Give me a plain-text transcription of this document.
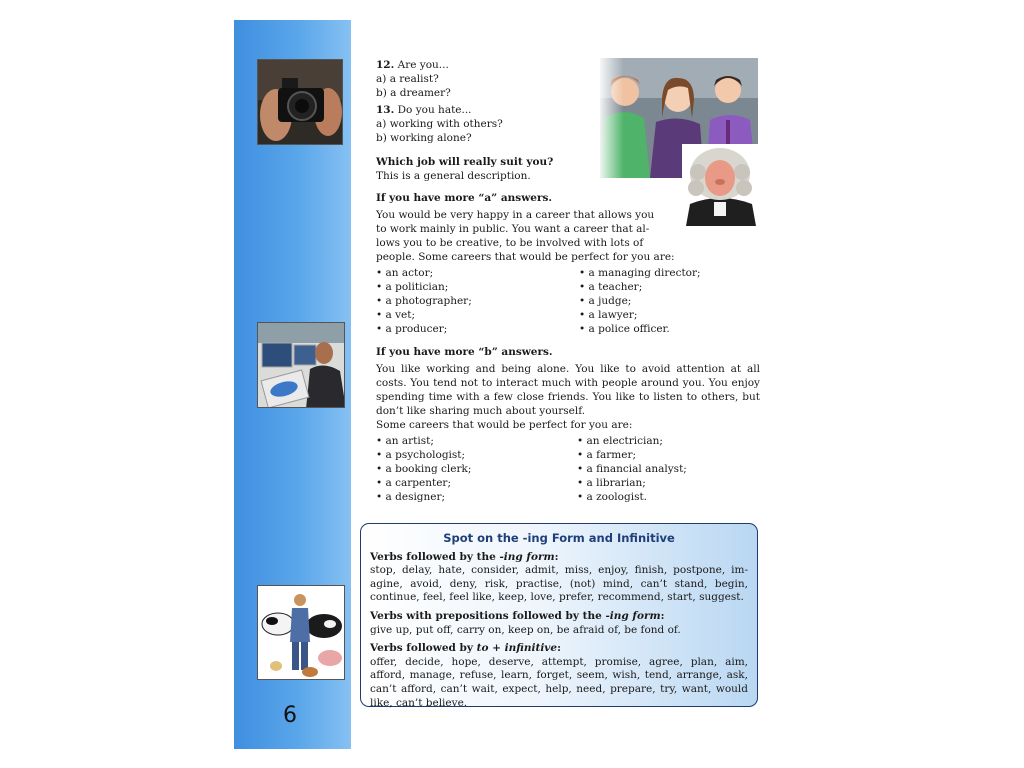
6

12. Are you...

a) a realist?

b) a dreamer?

13. Do you hate...

a) working with others?

b) working alone?

Which job will really suit you?

This is a general description.

If you have more “a” answers.

You would be very happy in a career that allows you

to work mainly in public. You want a career that al-

lows you to be creative, to be involved with lots of

people. Some careers that would be perfect for you are:

• an actor;
• a politician;
• a photographer;
• a vet;
• a producer;
• a managing director;
• a teacher;
• a judge;
• a lawyer;
• a police officer.

If you have more “b” answers.

You like working and being alone. You like to avoid attention at all costs. You tend not to interact much with people around you. You enjoy spending time with a few close friends. You like to listen to others, but don’t like sharing much about yourself.

Some careers that would be perfect for you are:

• an artist;
• a psychologist;
• a booking clerk;
• a carpenter;
• a designer;
• an electrician;
• a farmer;
• a financial analyst;
• a librarian;
• a zoologist.
Spot on the -ing Form and Infinitive
Verbs followed by the -ing form:
stop, delay, hate, consider, admit, miss, enjoy, finish, postpone, im-agine, avoid, deny, risk, practise, (not) mind, can’t stand, begin, continue, feel, feel like, keep, love, prefer, recommend, start, suggest.
Verbs with prepositions followed by the -ing form:
give up, put off, carry on, keep on, be afraid of, be fond of.
Verbs followed by to + infinitive:
offer, decide, hope, deserve, attempt, promise, agree, plan, aim, afford, manage, refuse, learn, forget, seem, wish, tend, arrange, ask, can’t afford, can’t wait, expect, help, need, prepare, try, want, would like, can’t believe.
